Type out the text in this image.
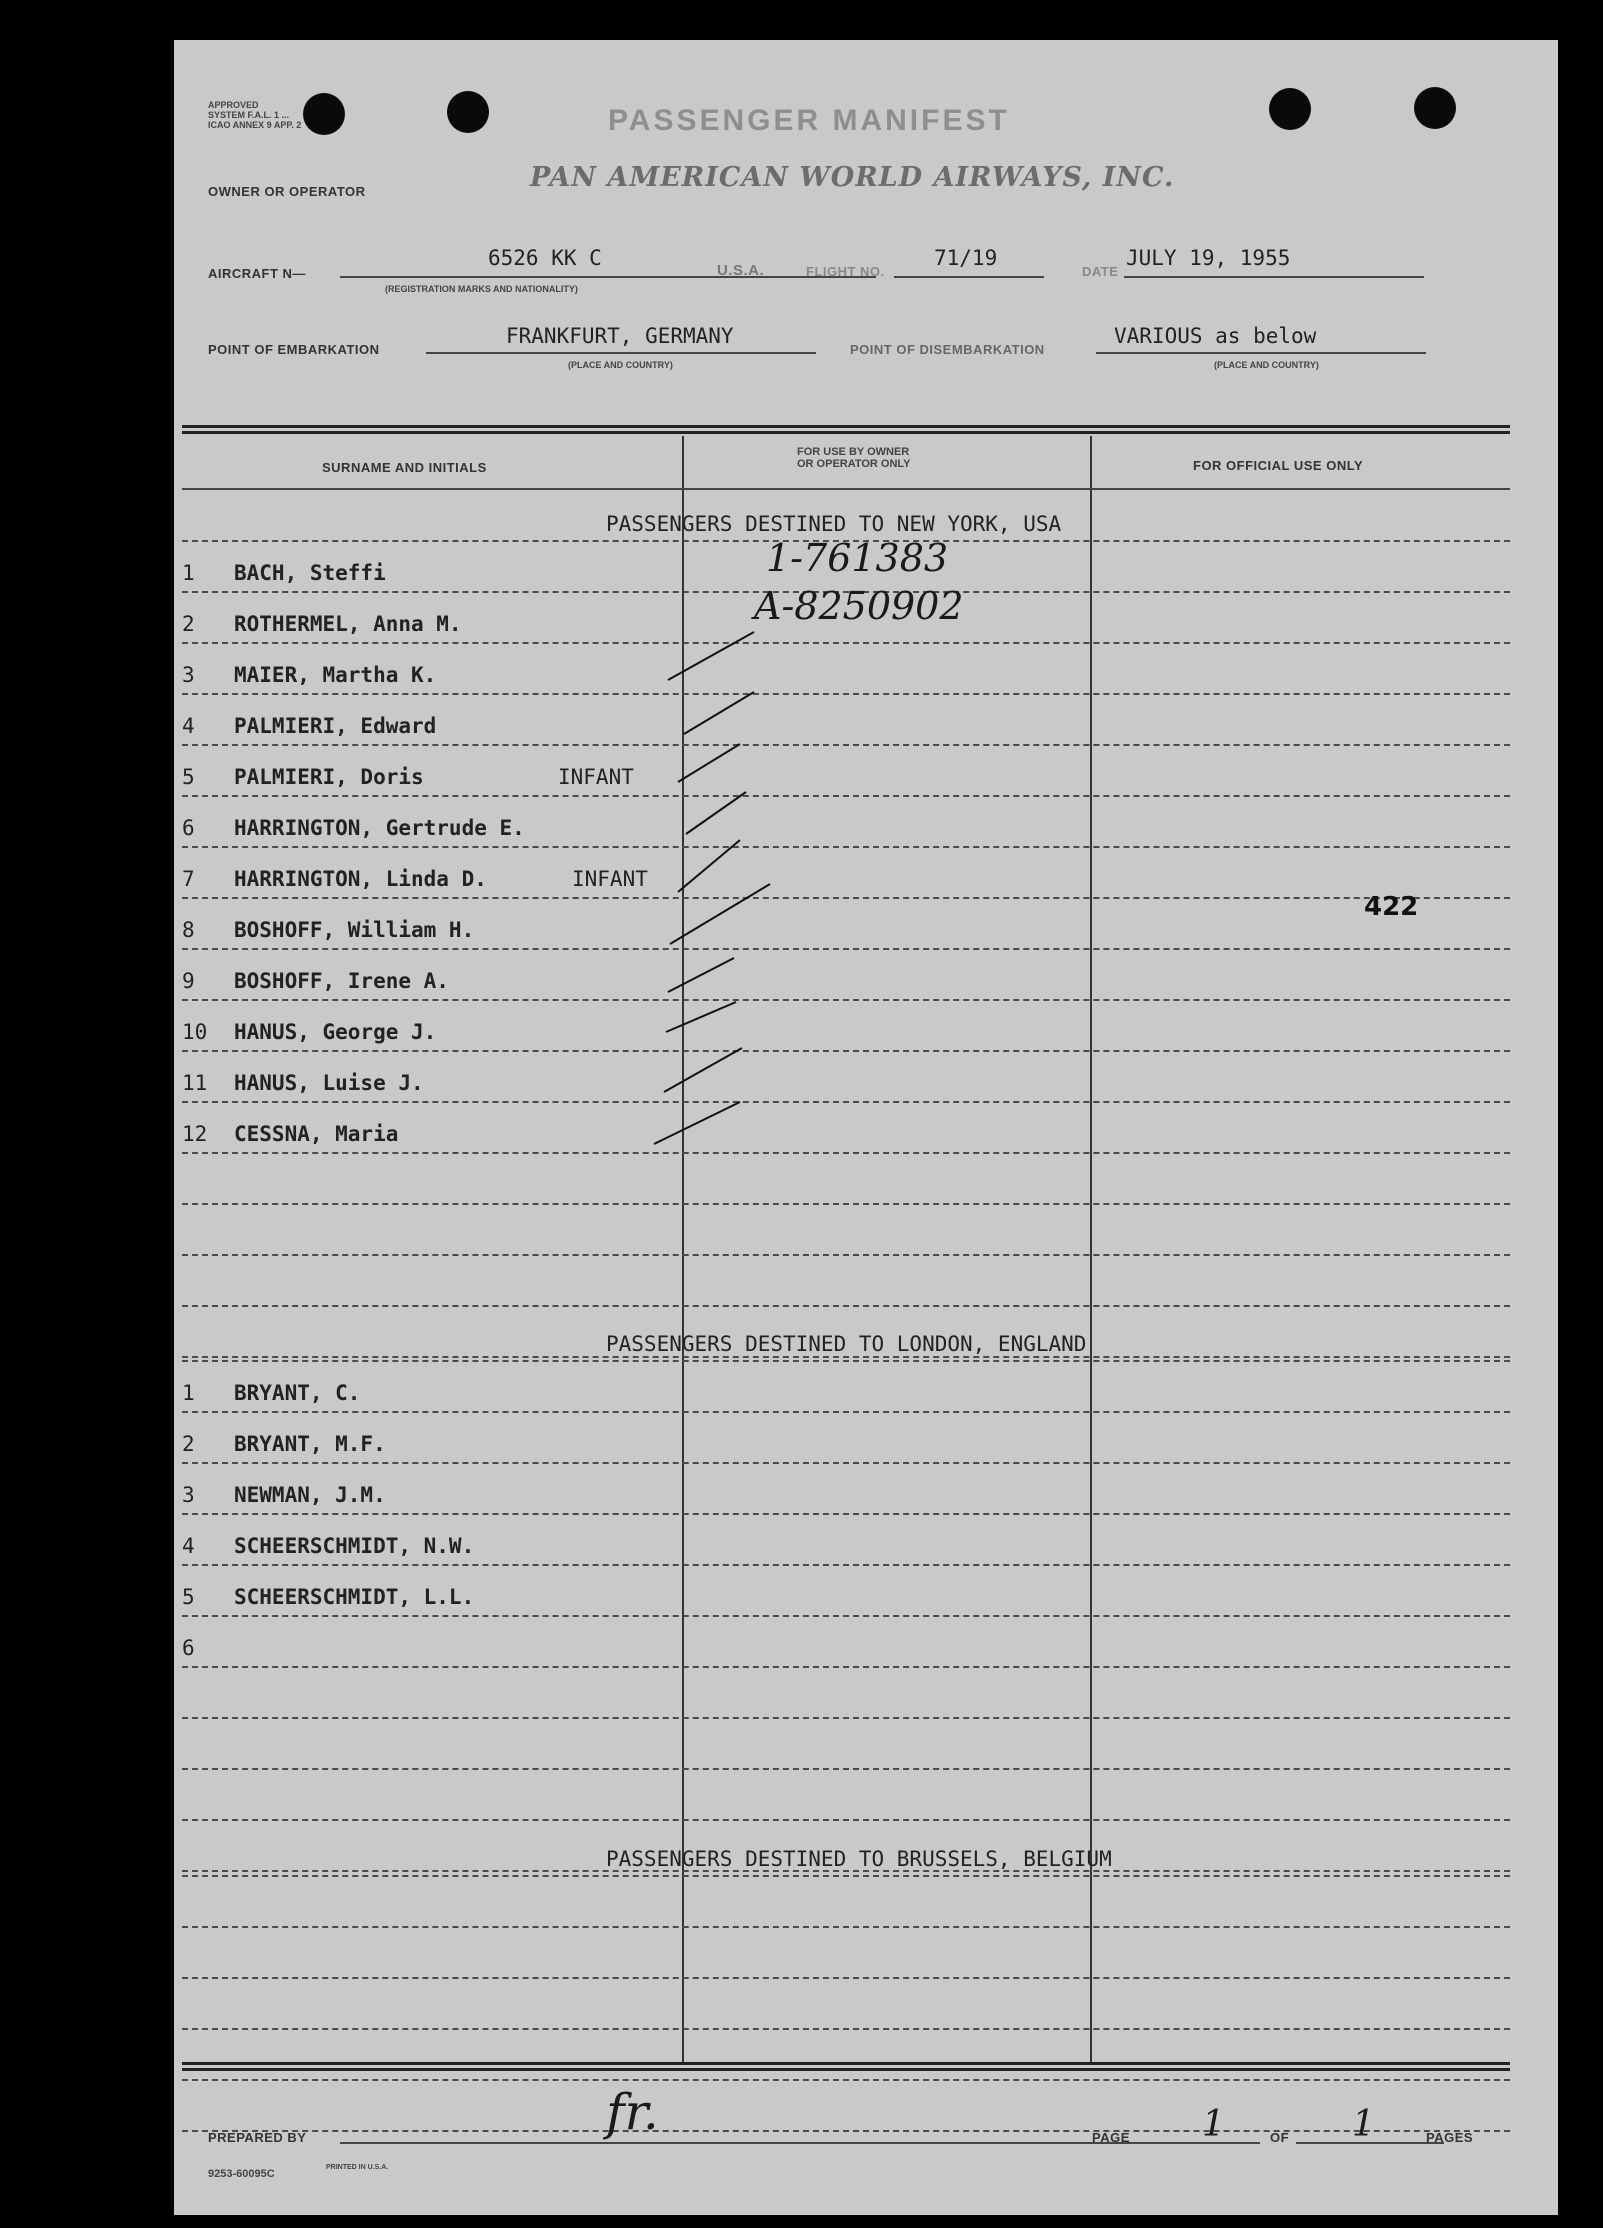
APPROVED
SYSTEM F.A.L. 1 ...
ICAO ANNEX 9 APP. 2	PASSENGER MANIFEST
OWNER OR OPERATOR	PAN AMERICAN WORLD AIRWAYS, INC.
AIRCRAFT N—
6526 KK C
(REGISTRATION MARKS AND NATIONALITY)
U.S.A.	FLIGHT NO.
71/19
DATE
JULY 19, 1955
POINT OF EMBARKATION
FRANKFURT, GERMANY
(PLACE AND COUNTRY)
POINT OF DISEMBARKATION
VARIOUS as below
(PLACE AND COUNTRY)
SURNAME AND INITIALS
FOR USE BY OWNER
OR OPERATOR ONLY	FOR OFFICIAL USE ONLY
PASSENGERS DESTINED TO NEW YORK, USA
1 BACH, Steffi
2 ROTHERMEL, Anna M.
3 MAIER, Martha K.
4 PALMIERI, Edward
5 PALMIERI, Doris	INFANT
6 HARRINGTON, Gertrude E.
7 HARRINGTON, Linda D.	INFANT
8 BOSHOFF, William H.
9 BOSHOFF, Irene A.
10 HANUS, George J.
11 HANUS, Luise J.
12 CESSNA, Maria
PASSENGERS DESTINED TO LONDON, ENGLAND
1 BRYANT, C.
2 BRYANT, M.F.
3 NEWMAN, J.M.
4 SCHEERSCHMIDT, N.W.
5 SCHEERSCHMIDT, L.L.
6
PASSENGERS DESTINED TO BRUSSELS, BELGIUM
1-761383
A-8250902
422
fr.
PREPARED BY	PAGE 1	OF 1	PAGES
9253-60095C
PRINTED IN U.S.A.
